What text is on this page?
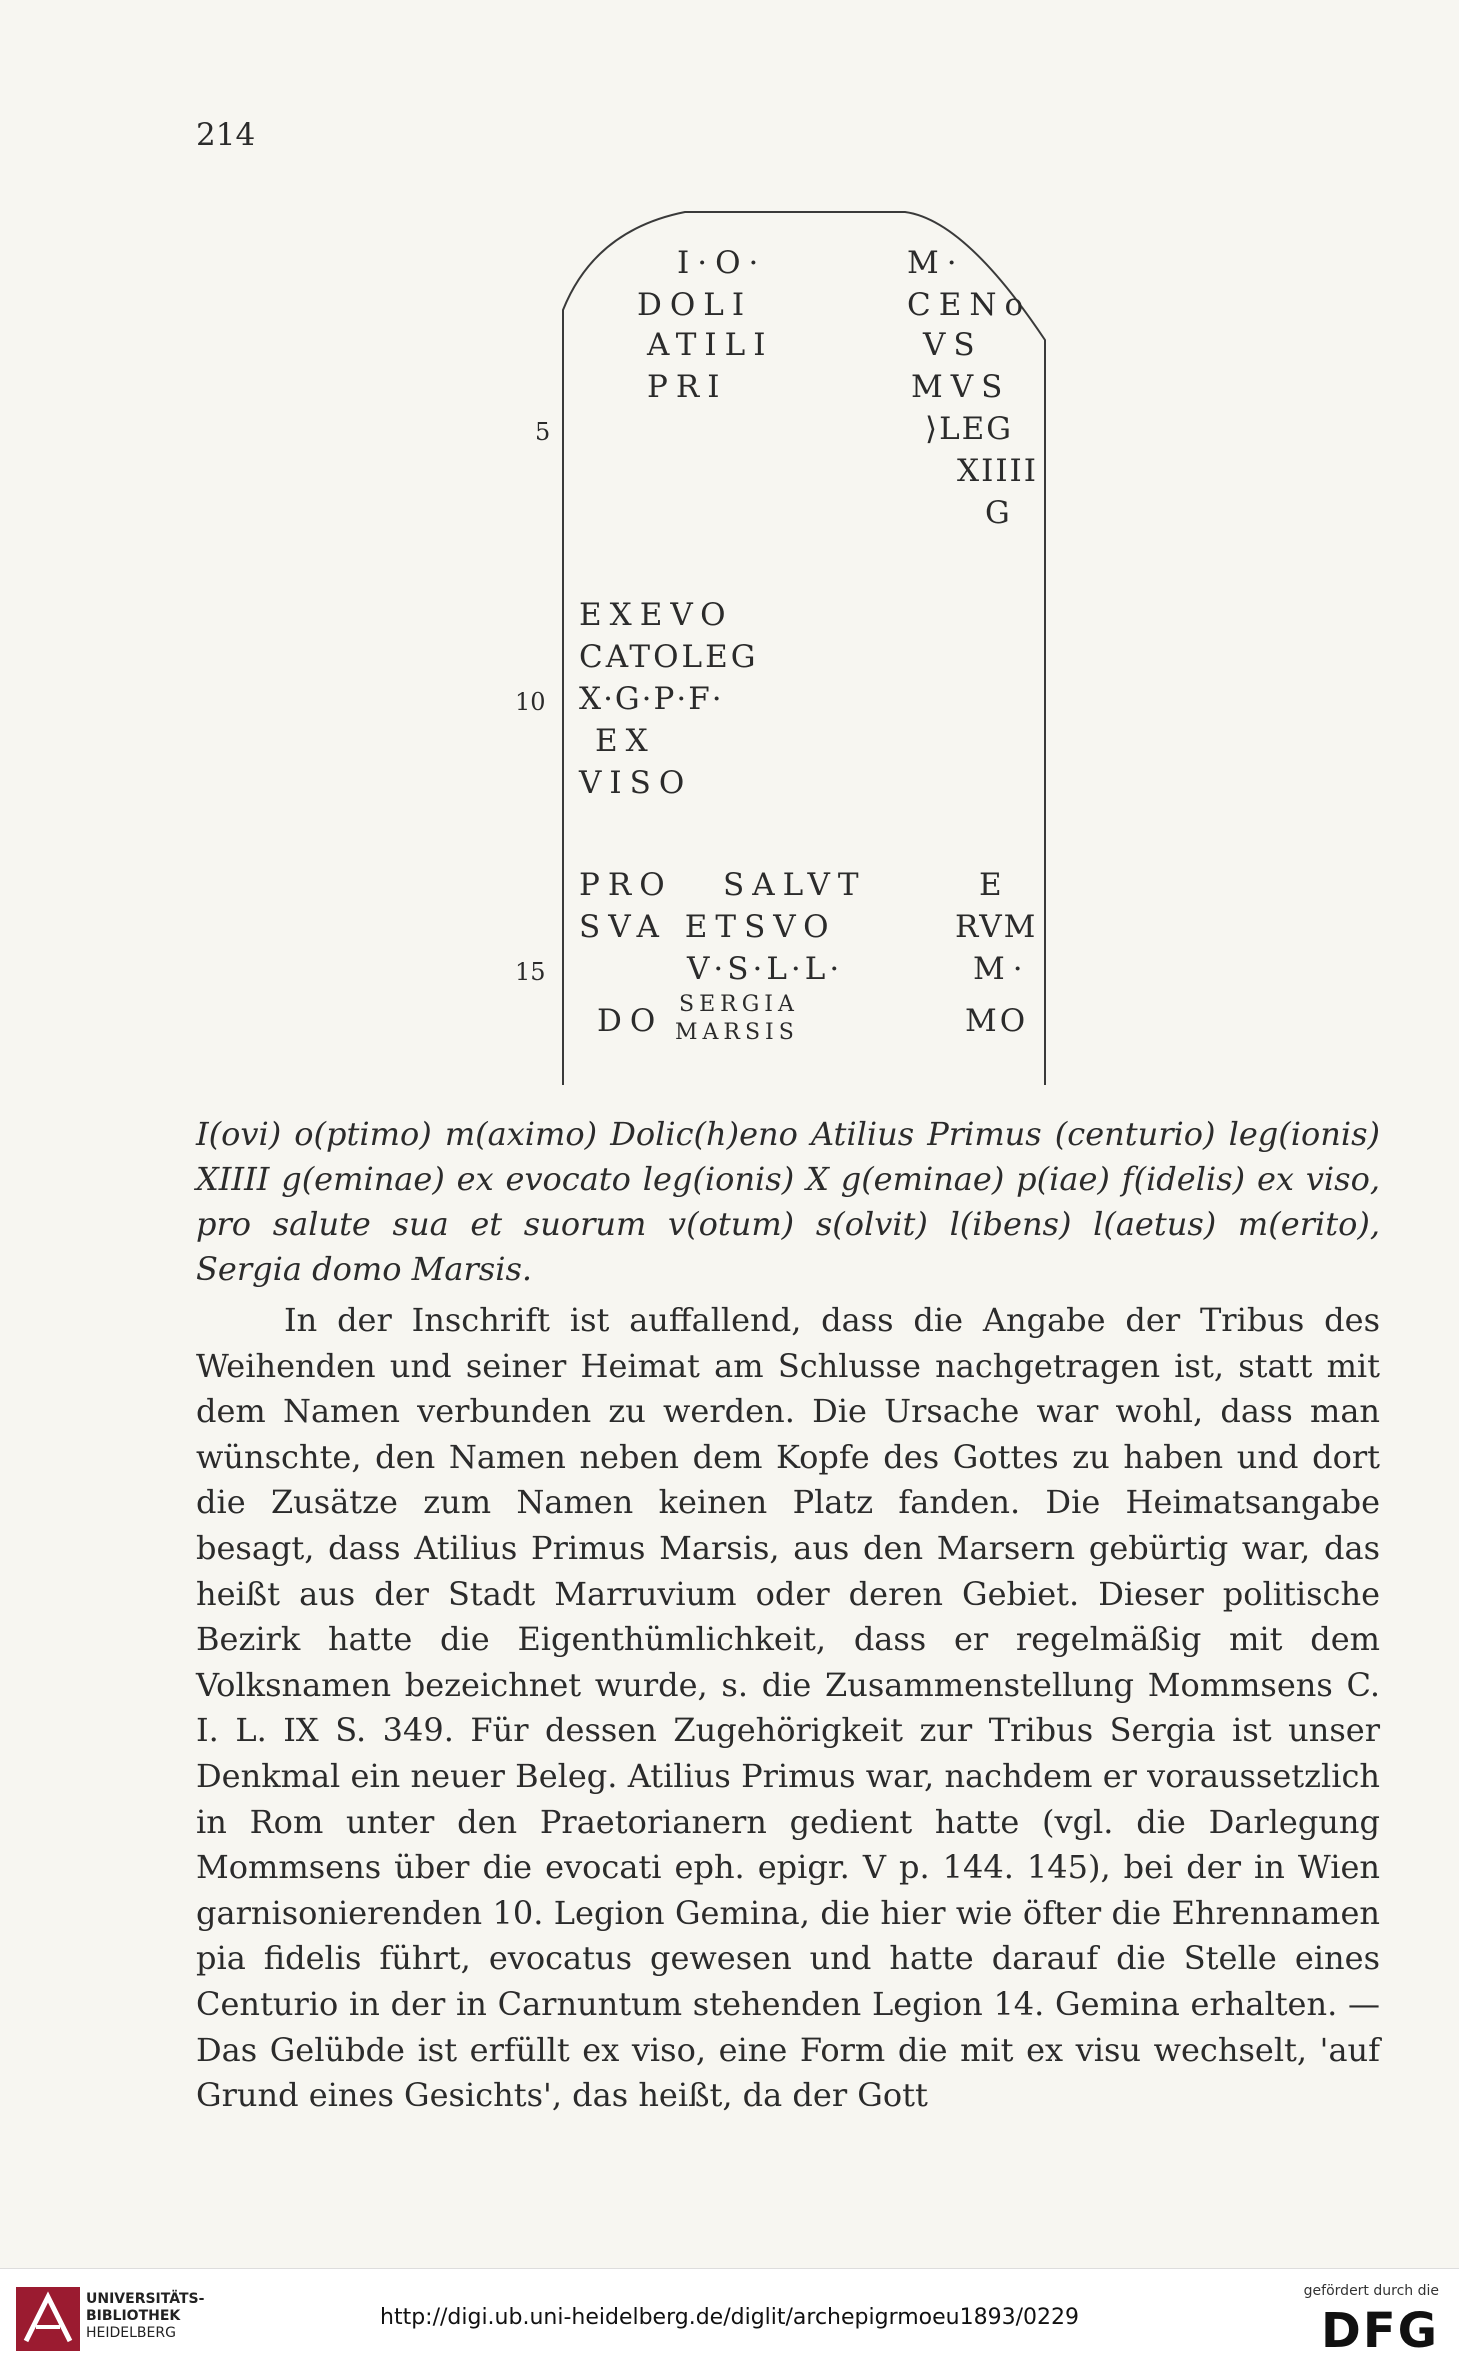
214
I·O·
DOLI
ATILI
PRI
M·
CENo
VS
MVS
⟩LEG
XIIII
G
EXEVO
CATOLEG
X·G·P·F·
EX
VISO
PRO SALVT	E
SVA ETSVO	RVM
V·S·L·L·	M·
DO SERGIA
MARSIS	MO
5
10
15

I(ovi) o(ptimo) m(aximo) Dolic(h)eno Atilius Primus (centurio) leg(ionis) XIIII g(eminae) ex evocato leg(ionis) X g(eminae) p(iae) f(idelis) ex viso, pro salute sua et suorum v(otum) s(olvit) l(ibens) l(aetus) m(erito), Sergia domo Marsis.

In der Inschrift ist auffallend, dass die Angabe der Tribus des Weihenden und seiner Heimat am Schlusse nachgetragen ist, statt mit dem Namen verbunden zu werden. Die Ursache war wohl, dass man wünschte, den Namen neben dem Kopfe des Gottes zu haben und dort die Zusätze zum Namen keinen Platz fanden. Die Heimatsangabe besagt, dass Atilius Primus Marsis, aus den Marsern gebürtig war, das heißt aus der Stadt Marruvium oder deren Gebiet. Dieser politische Bezirk hatte die Eigenthümlichkeit, dass er regelmäßig mit dem Volksnamen bezeichnet wurde, s. die Zusammenstellung Mommsens C. I. L. IX S. 349. Für dessen Zugehörigkeit zur Tribus Sergia ist unser Denkmal ein neuer Beleg. Atilius Primus war, nachdem er voraussetzlich in Rom unter den Praetorianern gedient hatte (vgl. die Darlegung Mommsens über die evocati eph. epigr. V p. 144. 145), bei der in Wien garnisonierenden 10. Legion Gemina, die hier wie öfter die Ehrennamen pia fidelis führt, evocatus gewesen und hatte darauf die Stelle eines Centurio in der in Carnuntum stehenden Legion 14. Gemina erhalten. — Das Gelübde ist erfüllt ex viso, eine Form die mit ex visu wechselt, 'auf Grund eines Gesichts', das heißt, da der Gott

UNIVERSITÄTS-
BIBLIOTHEK
HEIDELBERG
http://digi.ub.uni-heidelberg.de/diglit/archepigrmoeu1893/0229
gefördert durch die
DFG
